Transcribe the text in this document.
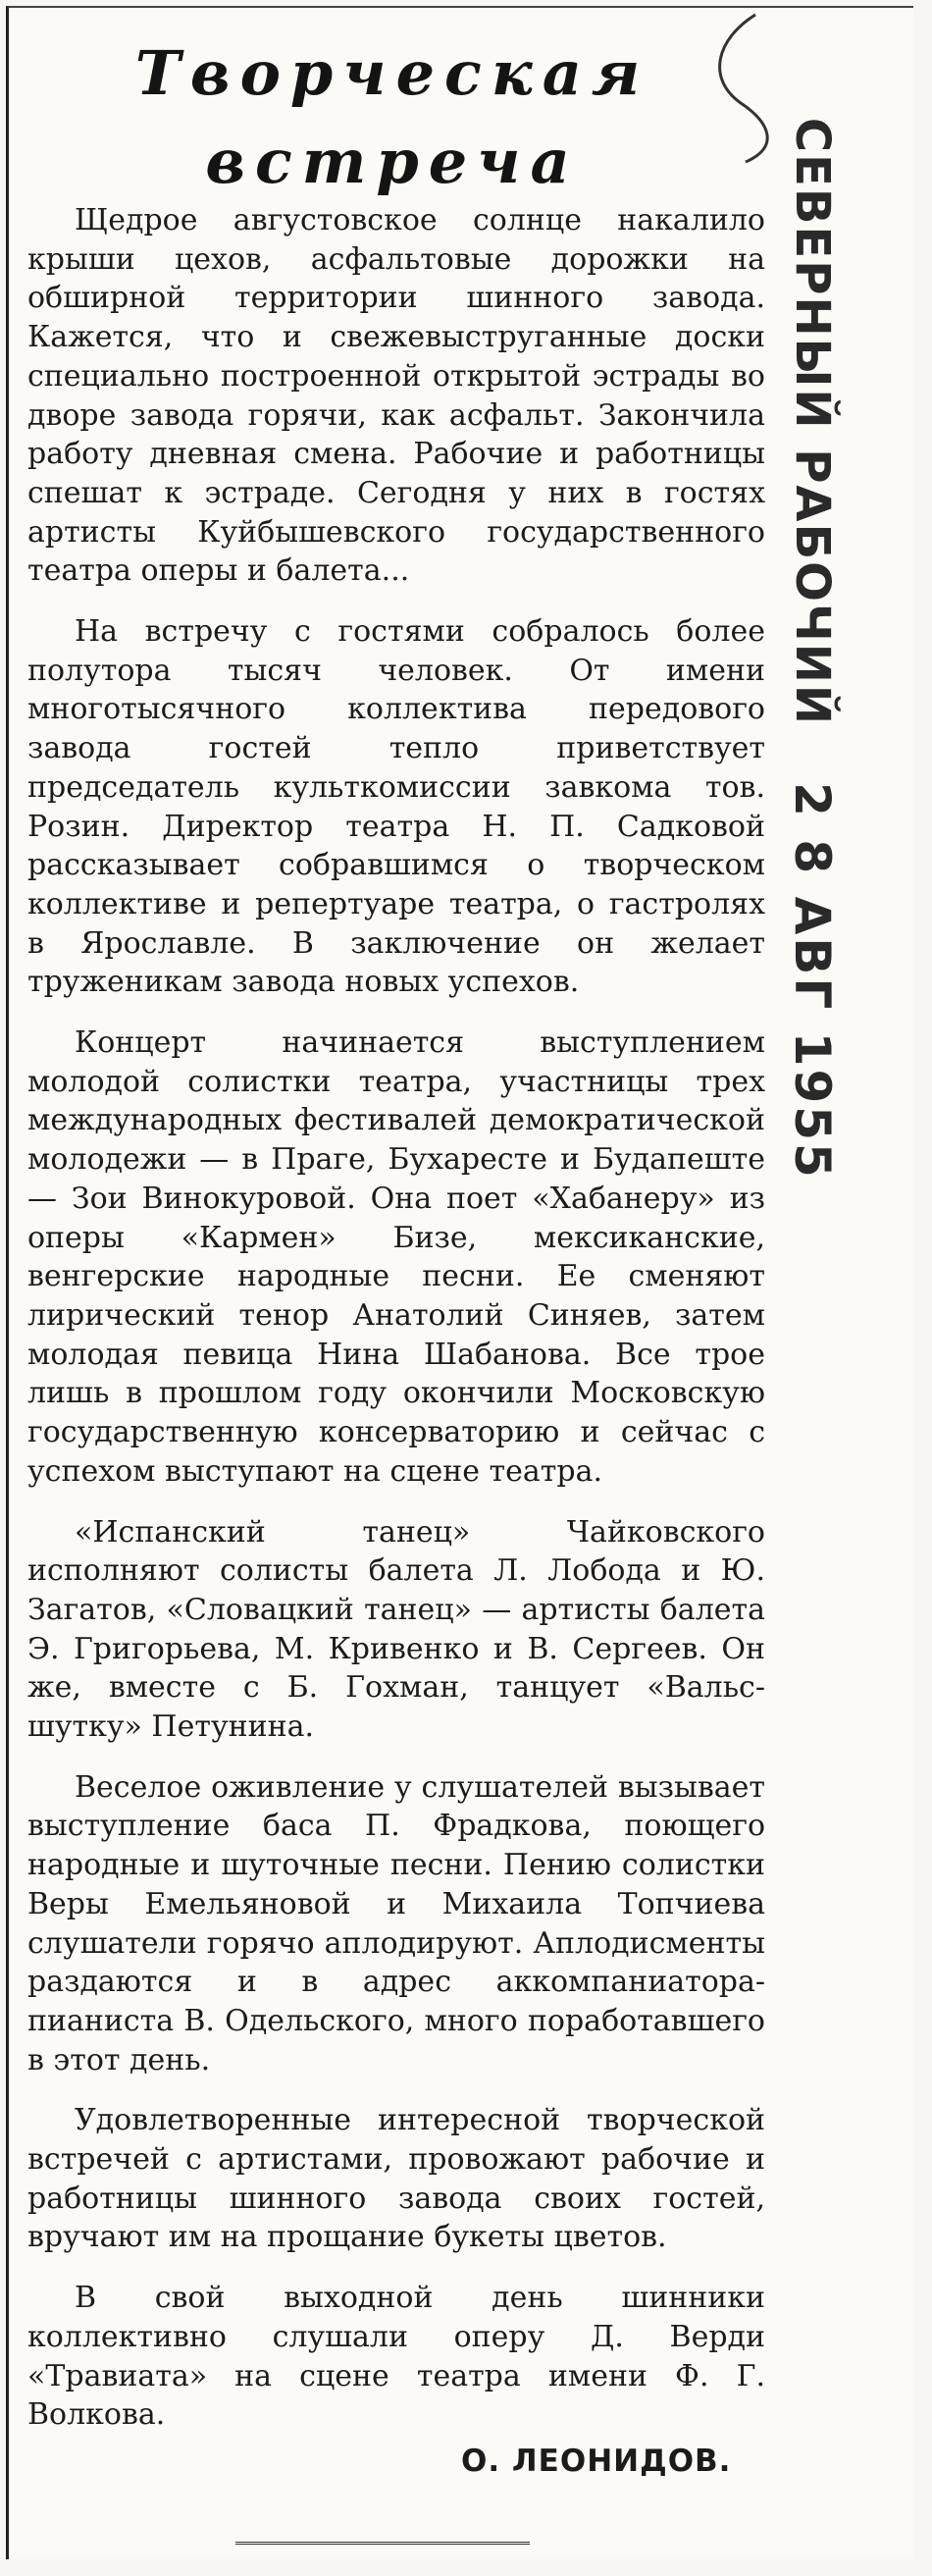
Творческая
встреча

Щедрое августовское солнце накалило крыши цехов, асфальтовые дорожки на обширной территории шинного завода. Кажется, что и свежевыструганные доски специально построенной открытой эстрады во дворе завода горячи, как асфальт. Закончила работу дневная смена. Рабочие и работницы спешат к эстраде. Сегодня у них в гостях артисты Куйбышевского государственного театра оперы и балета...

На встречу с гостями собралось более полутора тысяч человек. От имени многотысячного коллектива передового завода гостей тепло приветствует председатель культкомиссии завкома тов. Розин. Директор театра Н. П. Садковой рассказывает собравшимся о творческом коллективе и репертуаре театра, о гастролях в Ярославле. В заключение он желает труженикам завода новых успехов.

Концерт начинается выступлением молодой солистки театра, участницы трех международных фестивалей демократической молодежи — в Праге, Бухаресте и Будапеште — Зои Винокуровой. Она поет «Хабанеру» из оперы «Кармен» Бизе, мексиканские, венгерские народные песни. Ее сменяют лирический тенор Анатолий Синяев, затем молодая певица Нина Шабанова. Все трое лишь в прошлом году окончили Московскую государственную консерваторию и сейчас с успехом выступают на сцене театра.

«Испанский танец» Чайковского исполняют солисты балета Л. Лобода и Ю. Загатов, «Словацкий танец» — артисты балета Э. Григорьева, М. Кривенко и В. Сергеев. Он же, вместе с Б. Гохман, танцует «Вальс-шутку» Петунина.

Веселое оживление у слушателей вызывает выступление баса П. Фрадкова, поющего народные и шуточные песни. Пению солистки Веры Емельяновой и Михаила Топчиева слушатели горячо аплодируют. Аплодисменты раздаются и в адрес аккомпаниатора-пианиста В. Одельского, много поработавшего в этот день.

Удовлетворенные интересной творческой встречей с артистами, провожают рабочие и работницы шинного завода своих гостей, вручают им на прощание букеты цветов.

В свой выходной день шинники коллективно слушали оперу Д. Верди «Травиата» на сцене театра имени Ф. Г. Волкова.

О. ЛЕОНИДОВ.
СЕВЕРНЫЙ РАБОЧИЙ
2 8 АВГ 1955
